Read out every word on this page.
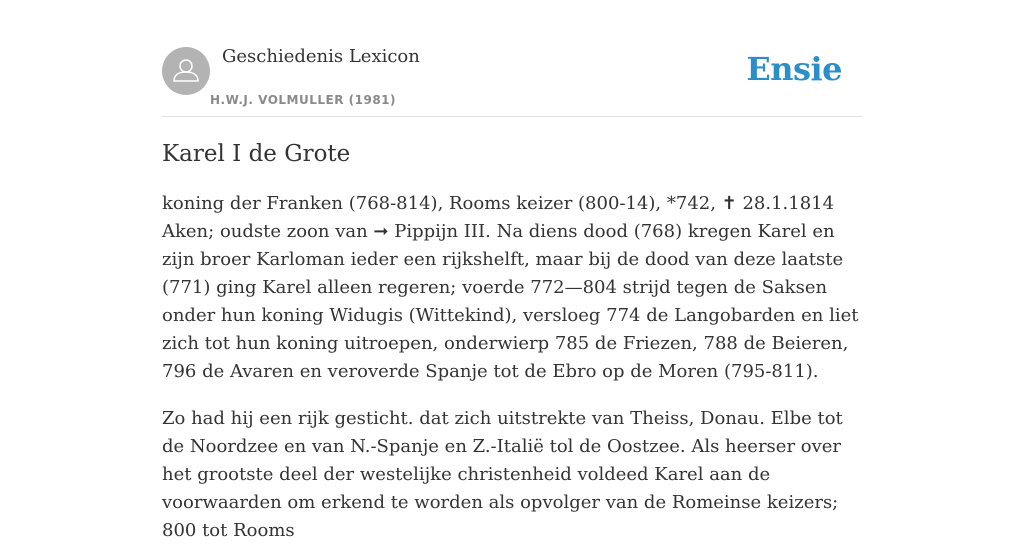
Geschiedenis Lexicon
H.W.J. VOLMULLER (1981)
Ensie
Karel I de Grote

koning der Franken (768-814), Rooms keizer (800-14), *742, ✝ 28.1.1814 Aken; oudste zoon van ➞ Pippijn III. Na diens dood (768) kregen Karel en zijn broer Karloman ieder een rijkshelft, maar bij de dood van deze laatste (771) ging Karel alleen regeren; voerde 772—804 strijd tegen de Saksen onder hun koning Widugis (Wittekind), versloeg 774 de Langobarden en liet zich tot hun koning uitroepen, onderwierp 785 de Friezen, 788 de Beieren, 796 de Avaren en veroverde Spanje tot de Ebro op de Moren (795-811).

Zo had hij een rijk gesticht. dat zich uitstrekte van Theiss, Donau. Elbe tot de Noordzee en van N.-Spanje en Z.-Italië tol de Oostzee. Als heerser over het grootste deel der westelijke christenheid voldeed Karel aan de voorwaarden om erkend te worden als opvolger van de Romeinse keizers; 800 tot Rooms
